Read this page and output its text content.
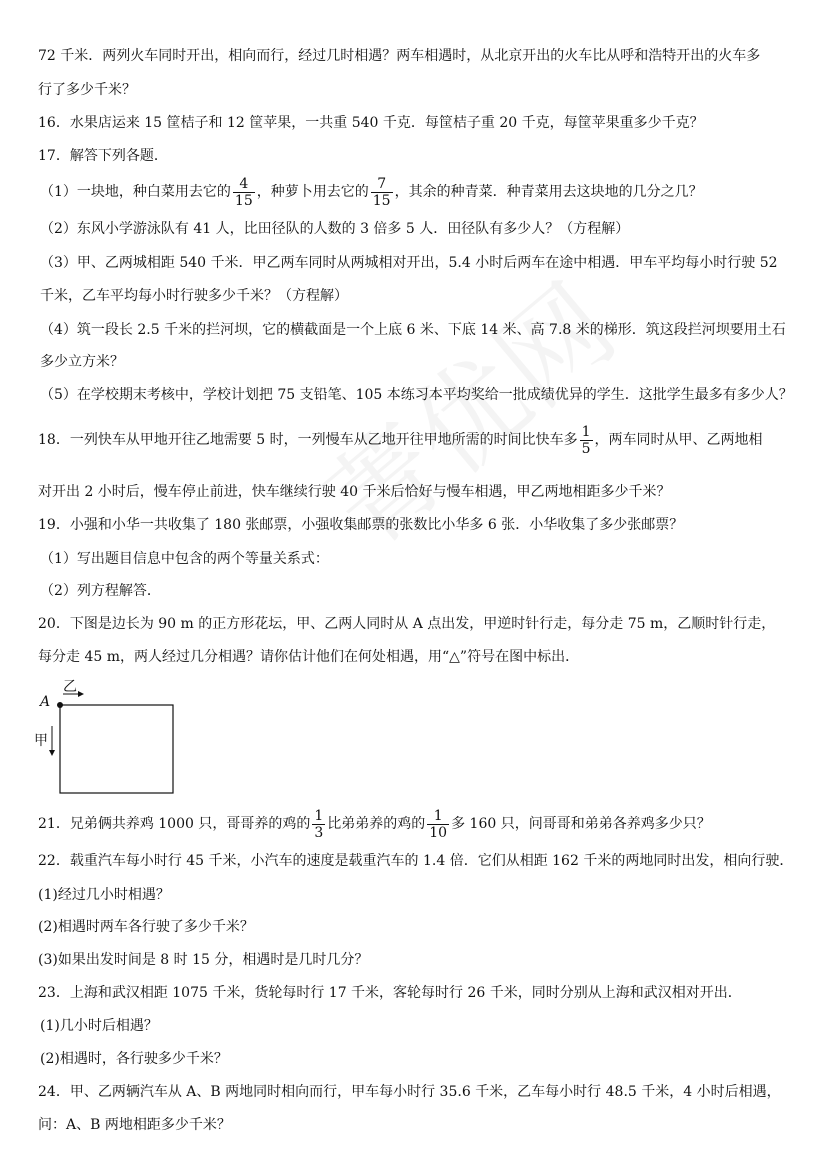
72 千米．两列火车同时开出，相向而行，经过几时相遇？两车相遇时，从北京开出的火车比从呼和浩特开出的火车多
行了多少千米？
16．水果店运来 15 筐桔子和 12 筐苹果，一共重 540 千克．每筐桔子重 20 千克，每筐苹果重多少千克？
17．解答下列各题．
（1）一块地，种白菜用去它的 $\frac{4}{15}$ ，种萝卜用去它的 $\frac{7}{15}$ ，其余的种青菜．种青菜用去这块地的几分之几？
（2）东风小学游泳队有 41 人，比田径队的人数的 3 倍多 5 人．田径队有多少人？（方程解）
（3）甲、乙两城相距 540 千米．甲乙两车同时从两城相对开出，5.4 小时后两车在途中相遇．甲车平均每小时行驶 52
千米，乙车平均每小时行驶多少千米？（方程解）
（4）筑一段长 2.5 千米的拦河坝，它的横截面是一个上底 6 米、下底 14 米、高 7.8 米的梯形．筑这段拦河坝要用土石
多少立方米？
（5）在学校期末考核中，学校计划把 75 支铅笔、105 本练习本平均奖给一批成绩优异的学生．这批学生最多有多少人？
18．一列快车从甲地开往乙地需要 5 时，一列慢车从乙地开往甲地所需的时间比快车多 $\frac{1}{5}$ ，两车同时从甲、乙两地相
对开出 2 小时后，慢车停止前进，快车继续行驶 40 千米后恰好与慢车相遇，甲乙两地相距多少千米？
19．小强和小华一共收集了 180 张邮票，小强收集邮票的张数比小华多 6 张．小华收集了多少张邮票？
（1）写出题目信息中包含的两个等量关系式：
（2）列方程解答．
20．下图是边长为 90 m 的正方形花坛，甲、乙两人同时从 A 点出发，甲逆时针行走，每分走 75 m，乙顺时针行走，
每分走 45 m，两人经过几分相遇？请你估计他们在何处相遇，用“△”符号在图中标出．
乙
A
甲
21．兄弟俩共养鸡 1000 只，哥哥养的鸡的 $\frac{1}{3}$ 比弟弟养的鸡的 $\frac{1}{10}$ 多 160 只，问哥哥和弟弟各养鸡多少只？
22．载重汽车每小时行 45 千米，小汽车的速度是载重汽车的 1.4 倍．它们从相距 162 千米的两地同时出发，相向行驶．
(1)经过几小时相遇？
(2)相遇时两车各行驶了多少千米？
(3)如果出发时间是 8 时 15 分，相遇时是几时几分？
23．上海和武汉相距 1075 千米，货轮每时行 17 千米，客轮每时行 26 千米，同时分别从上海和武汉相对开出．
(1)几小时后相遇？
(2)相遇时，各行驶多少千米？
24．甲、乙两辆汽车从 A、B 两地同时相向而行，甲车每小时行 35.6 千米，乙车每小时行 48.5 千米，4 小时后相遇，
问：A、B 两地相距多少千米？
